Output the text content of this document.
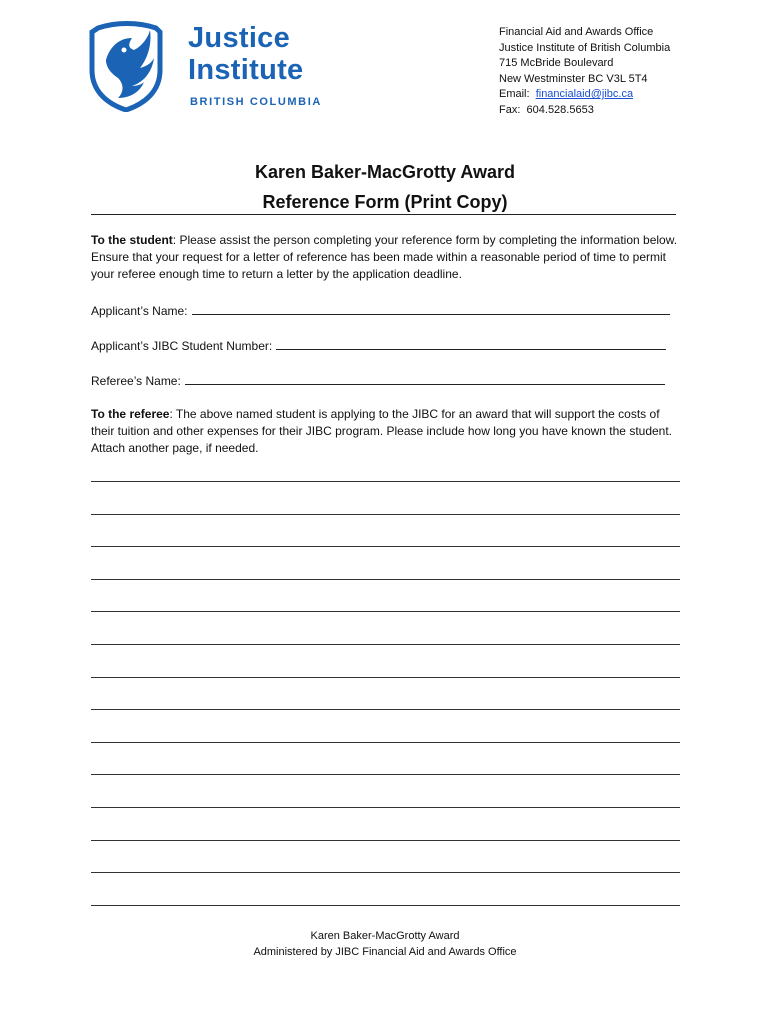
Justice
Institute
BRITISH COLUMBIA
Financial Aid and Awards Office
Justice Institute of British Columbia
715 McBride Boulevard
New Westminster BC V3L 5T4
Email: financialaid@jibc.ca
Fax: 604.528.5653
Karen Baker-MacGrotty Award
Reference Form (Print Copy)
To the student: Please assist the person completing your reference form by completing the information below. Ensure that your request for a letter of reference has been made within a reasonable period of time to permit your referee enough time to return a letter by the application deadline.
Applicant’s Name:
Applicant’s JIBC Student Number:
Referee’s Name:
To the referee: The above named student is applying to the JIBC for an award that will support the costs of their tuition and other expenses for their JIBC program. Please include how long you have known the student. Attach another page, if needed.
Karen Baker-MacGrotty Award
Administered by JIBC Financial Aid and Awards Office
